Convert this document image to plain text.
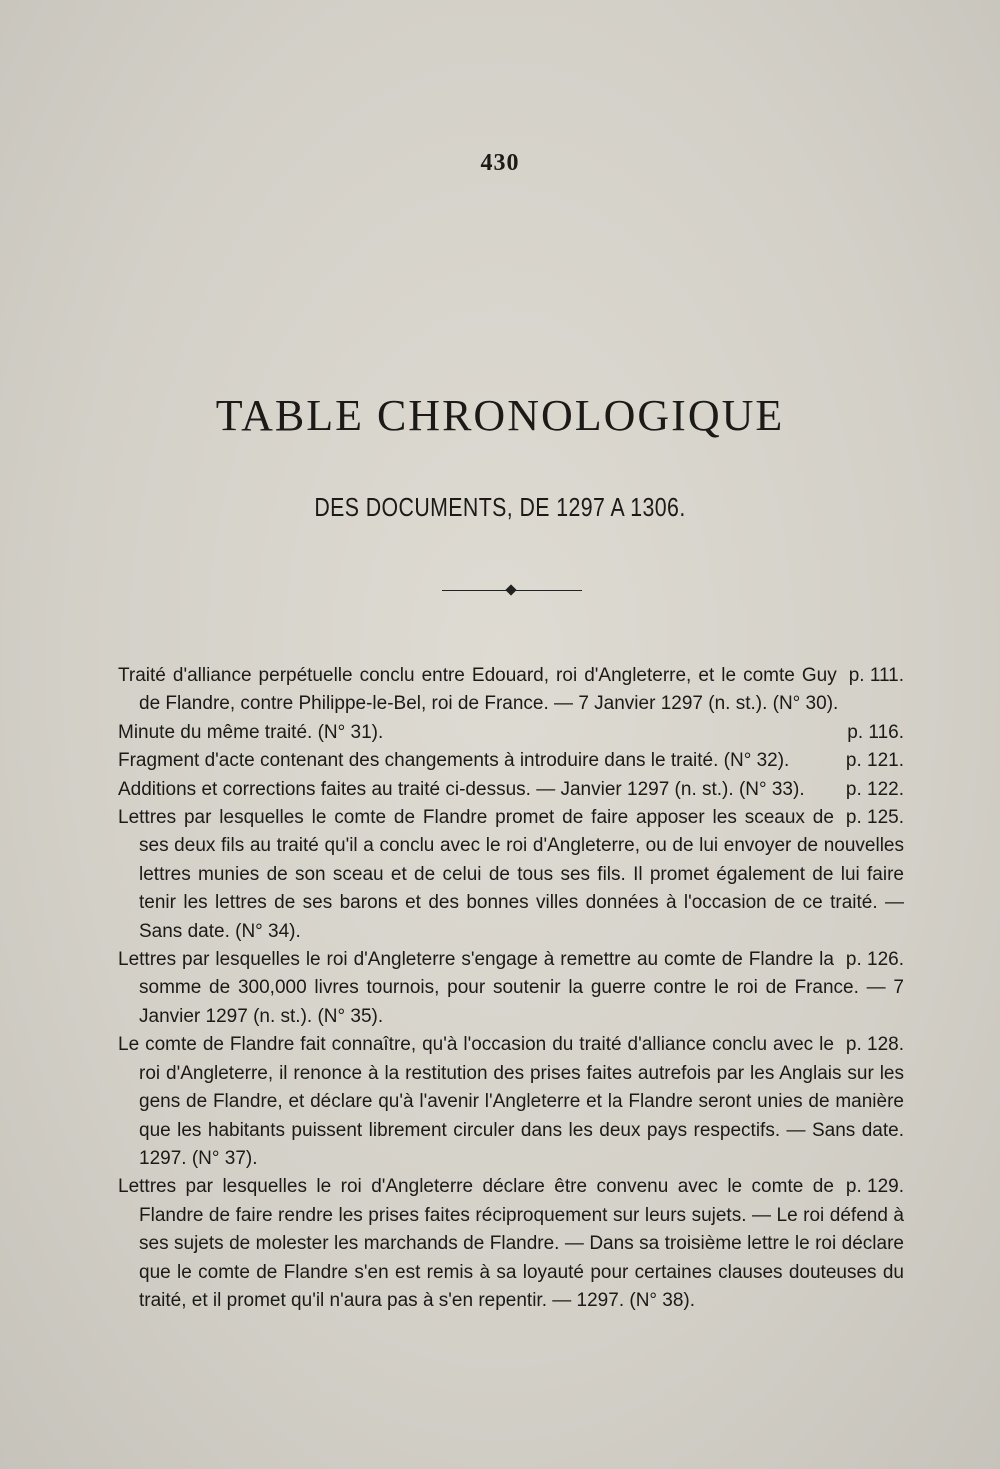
430
TABLE CHRONOLOGIQUE
DES DOCUMENTS, DE 1297 A 1306.
p. 111.
Traité d'alliance perpétuelle conclu entre Edouard, roi d'Angleterre, et le comte Guy de Flandre, contre Philippe-le-Bel, roi de France. — 7 Janvier 1297 (n. st.). (N° 30).
p. 116.
Minute du même traité. (N° 31).
p. 121.
Fragment d'acte contenant des changements à introduire dans le traité. (N° 32).
p. 122.
Additions et corrections faites au traité ci-dessus. — Janvier 1297 (n. st.). (N° 33).
p. 125.
Lettres par lesquelles le comte de Flandre promet de faire apposer les sceaux de ses deux fils au traité qu'il a conclu avec le roi d'Angleterre, ou de lui envoyer de nouvelles lettres munies de son sceau et de celui de tous ses fils. Il promet également de lui faire tenir les lettres de ses barons et des bonnes villes données à l'occasion de ce traité. — Sans date. (N° 34).
p. 126.
Lettres par lesquelles le roi d'Angleterre s'engage à remettre au comte de Flandre la somme de 300,000 livres tournois, pour soutenir la guerre contre le roi de France. — 7 Janvier 1297 (n. st.). (N° 35).
p. 128.
Le comte de Flandre fait connaître, qu'à l'occasion du traité d'alliance conclu avec le roi d'Angleterre, il renonce à la restitution des prises faites autrefois par les Anglais sur les gens de Flandre, et déclare qu'à l'avenir l'Angleterre et la Flandre seront unies de manière que les habitants puissent librement circuler dans les deux pays respectifs. — Sans date. 1297. (N° 37).
p. 129.
Lettres par lesquelles le roi d'Angleterre déclare être convenu avec le comte de Flandre de faire rendre les prises faites réciproquement sur leurs sujets. — Le roi défend à ses sujets de molester les marchands de Flandre. — Dans sa troisième lettre le roi déclare que le comte de Flandre s'en est remis à sa loyauté pour certaines clauses douteuses du traité, et il promet qu'il n'aura pas à s'en repentir. — 1297. (N° 38).
